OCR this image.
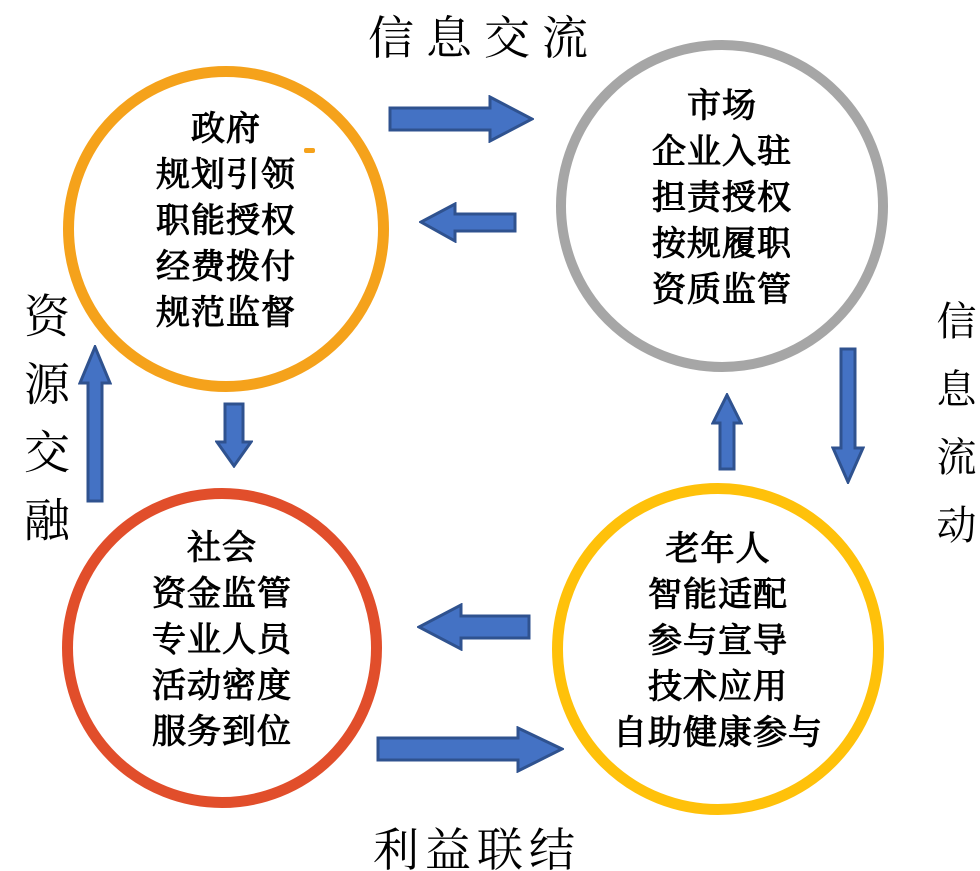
信息交流
利益联结
资源交融	信息流动
政府
规划引领
职能授权
经费拨付
规范监督
市场
企业入驻
担责授权
按规履职
资质监管
社会
资金监管
专业人员
活动密度
服务到位
老年人
智能适配
参与宣导
技术应用
自助健康参与
